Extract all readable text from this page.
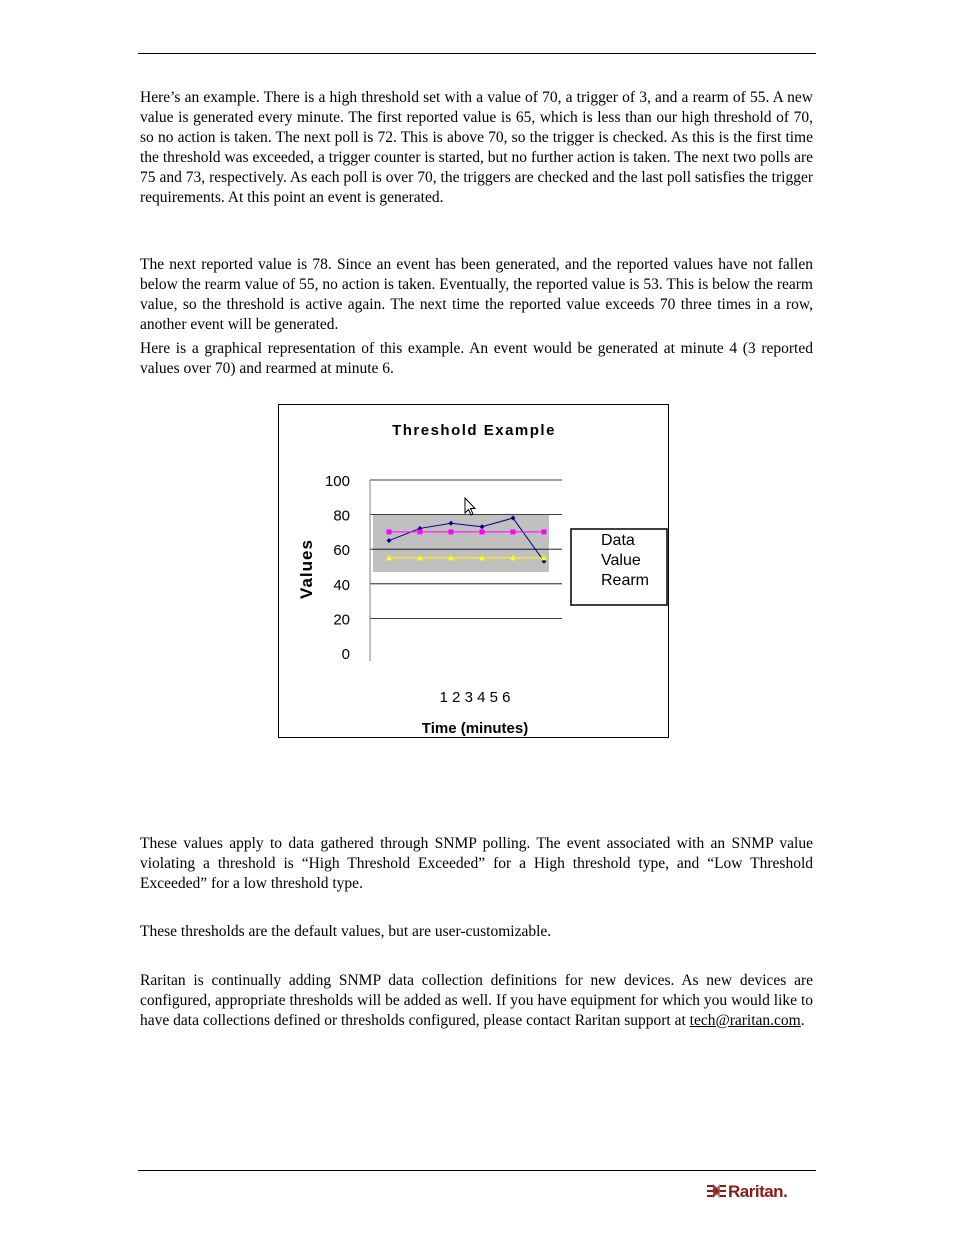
Here’s an example. There is a high threshold set with a value of 70, a trigger of 3, and a rearm of 55. A new value is generated every minute. The first reported value is 65, which is less than our high threshold of 70, so no action is taken. The next poll is 72. This is above 70, so the trigger is checked. As this is the first time the threshold was exceeded, a trigger counter is started, but no further action is taken. The next two polls are 75 and 73, respectively. As each poll is over 70, the triggers are checked and the last poll satisfies the trigger requirements. At this point an event is generated.

The next reported value is 78. Since an event has been generated, and the reported values have not fallen below the rearm value of 55, no action is taken. Eventually, the reported value is 53. This is below the rearm value, so the threshold is active again. The next time the reported value exceeds 70 three times in a row, another event will be generated.

Here is a graphical representation of this example. An event would be generated at minute 4 (3 reported values over 70) and rearmed at minute 6.

Threshold Example
100
80
60
40
20
0
Values	Data
Value
Rearm
1 2 3 4 5 6
Time (minutes)

These values apply to data gathered through SNMP polling. The event associated with an SNMP value violating a threshold is “High Threshold Exceeded” for a High threshold type, and “Low Threshold Exceeded” for a low threshold type.

These thresholds are the default values, but are user-customizable.

Raritan is continually adding SNMP data collection definitions for new devices. As new devices are configured, appropriate thresholds will be added as well. If you have equipment for which you would like to have data collections defined or thresholds configured, please contact Raritan support at tech@raritan.com.

Raritan.
